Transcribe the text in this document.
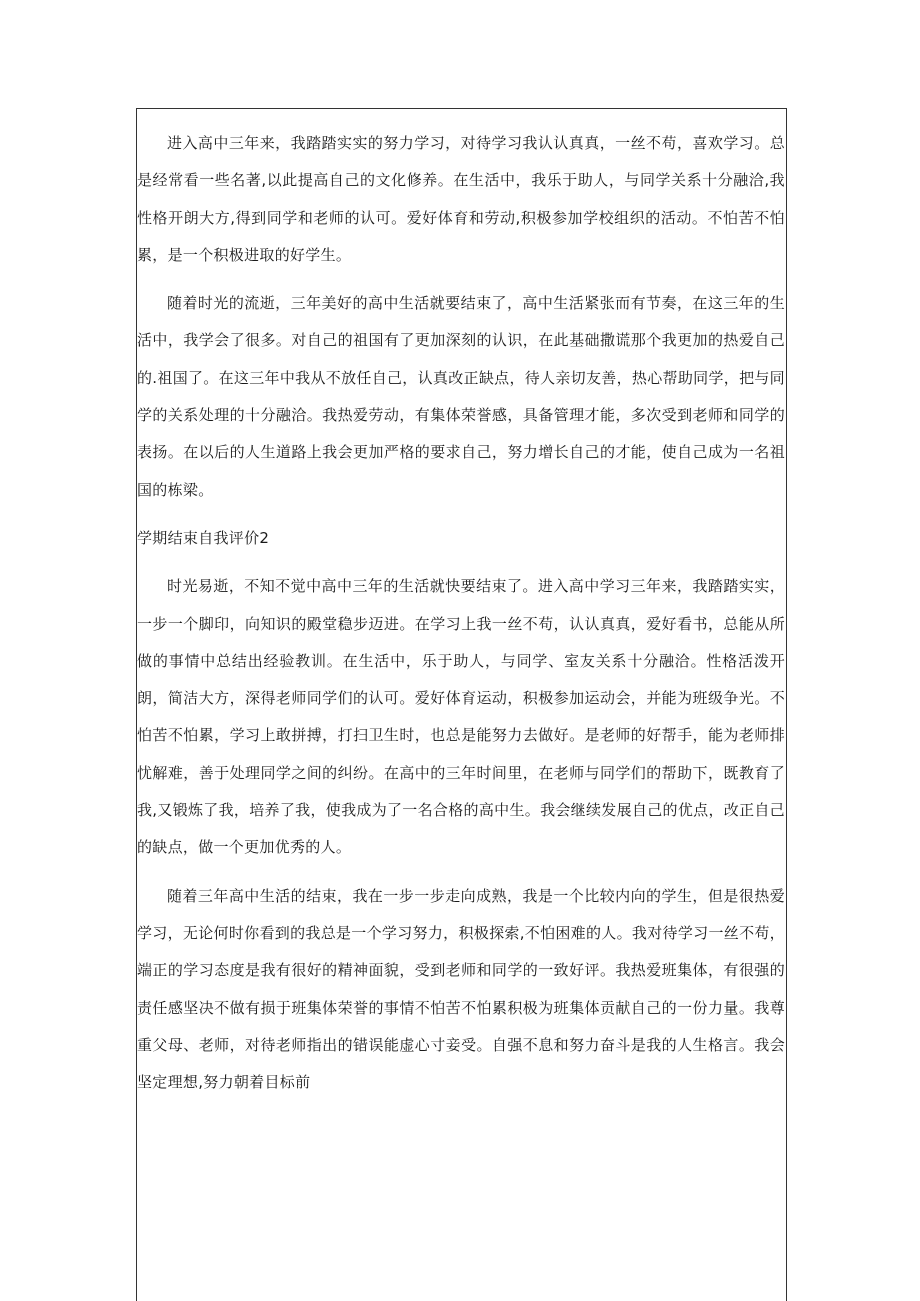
进入高中三年来，我踏踏实实的努力学习，对待学习我认认真真，一丝不苟，喜欢学习。总是经常看一些名著,以此提高自己的文化修养。在生活中，我乐于助人，与同学关系十分融洽,我性格开朗大方,得到同学和老师的认可。爱好体育和劳动,积极参加学校组织的活动。不怕苦不怕累，是一个积极进取的好学生。

随着时光的流逝，三年美好的高中生活就要结束了，高中生活紧张而有节奏，在这三年的生活中，我学会了很多。对自己的祖国有了更加深刻的认识，在此基础撒谎那个我更加的热爱自己的.祖国了。在这三年中我从不放任自己，认真改正缺点，待人亲切友善，热心帮助同学，把与同学的关系处理的十分融洽。我热爱劳动，有集体荣誉感，具备管理才能，多次受到老师和同学的表扬。在以后的人生道路上我会更加严格的要求自己，努力增长自己的才能，使自己成为一名祖国的栋梁。

学期结束自我评价2

时光易逝，不知不觉中高中三年的生活就快要结束了。进入高中学习三年来，我踏踏实实，一步一个脚印，向知识的殿堂稳步迈进。在学习上我一丝不苟，认认真真，爱好看书，总能从所做的事情中总结出经验教训。在生活中，乐于助人，与同学、室友关系十分融洽。性格活泼开朗，简洁大方，深得老师同学们的认可。爱好体育运动，积极参加运动会，并能为班级争光。不怕苦不怕累，学习上敢拼搏，打扫卫生时，也总是能努力去做好。是老师的好帮手，能为老师排忧解难，善于处理同学之间的纠纷。在高中的三年时间里，在老师与同学们的帮助下，既教育了我,又锻炼了我，培养了我，使我成为了一名合格的高中生。我会继续发展自己的优点，改正自己的缺点，做一个更加优秀的人。

随着三年高中生活的结束，我在一步一步走向成熟，我是一个比较内向的学生，但是很热爱学习，无论何时你看到的我总是一个学习努力，积极探索,不怕困难的人。我对待学习一丝不苟，端正的学习态度是我有很好的精神面貌，受到老师和同学的一致好评。我热爱班集体，有很强的责任感坚决不做有损于班集体荣誉的事情不怕苦不怕累积极为班集体贡献自己的一份力量。我尊重父母、老师，对待老师指出的错误能虚心寸妾受。自强不息和努力奋斗是我的人生格言。我会坚定理想,努力朝着目标前
